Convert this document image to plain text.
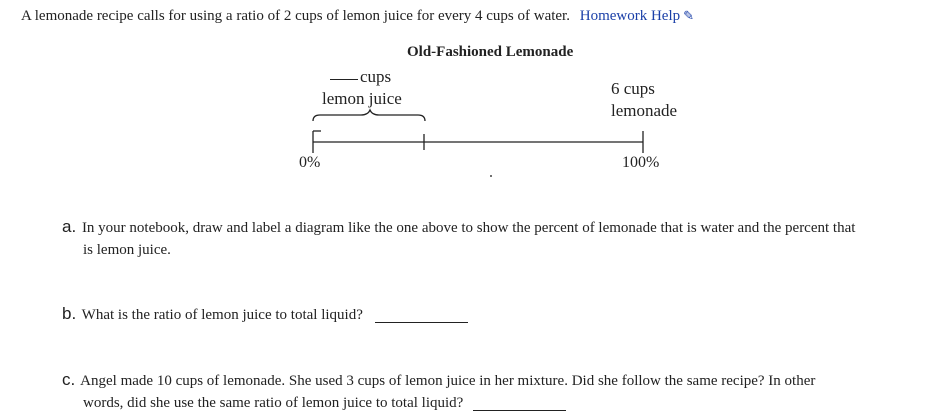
A lemonade recipe calls for using a ratio of 2 cups of lemon juice for every 4 cups of water. Homework Help ✎
Old-Fashioned Lemonade
cups
lemon juice
6 cups
lemonade
0%	100%
a. In your notebook, draw and label a diagram like the one above to show the percent of lemonade that is water and the percent that
is lemon juice.
b. What is the ratio of lemon juice to total liquid?
c. Angel made 10 cups of lemonade. She used 3 cups of lemon juice in her mixture. Did she follow the same recipe? In other
words, did she use the same ratio of lemon juice to total liquid?
